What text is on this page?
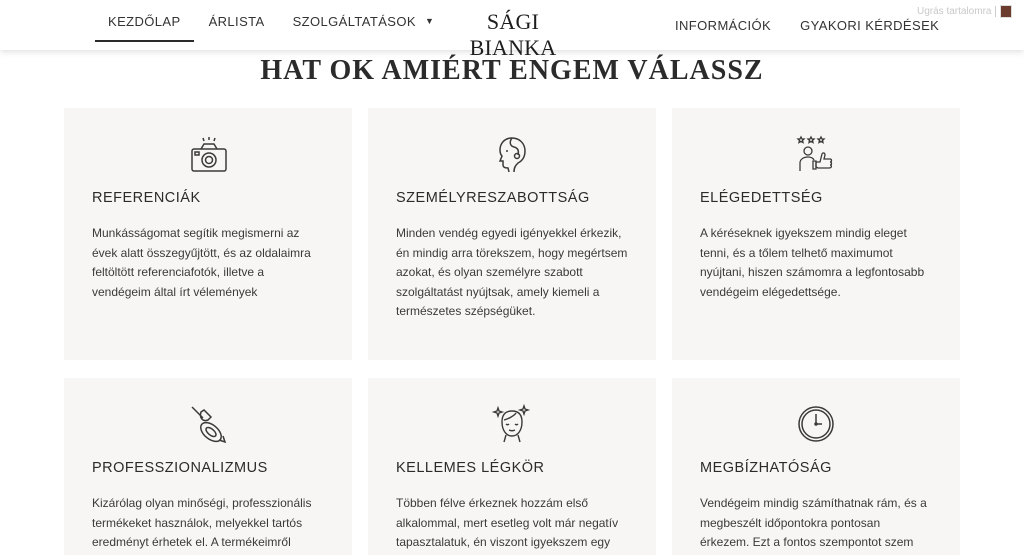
KEZDŐLAP ÁRLISTA SZOLGÁLTATÁSOK ▼	SÁGI BIANKA
INFORMÁCIÓK GYAKORI KÉRDÉSEK
Ugrás tartalomra
HAT OK AMIÉRT ENGEM VÁLASSZ
REFERENCIÁK
Munkásságomat segítik megismerni az
évek alatt összegyűjtött, és az oldalaimra
feltöltött referenciafotók, illetve a
vendégeim által írt vélemények
SZEMÉLYRESZABOTTSÁG
Minden vendég egyedi igényekkel érkezik,
én mindig arra törekszem, hogy megértsem
azokat, és olyan személyre szabott
szolgáltatást nyújtsak, amely kiemeli a
természetes szépségüket.
ELÉGEDETTSÉG
A kéréseknek igyekszem mindig eleget
tenni, és a tőlem telhető maximumot
nyújtani, hiszen számomra a legfontosabb
vendégeim elégedettsége.
PROFESSZIONALIZMUS
Kizárólag olyan minőségi, professzionális
termékeket használok, melyekkel tartós
eredményt érhetek el. A termékeimről
KELLEMES LÉGKÖR
Többen félve érkeznek hozzám első
alkalommal, mert esetleg volt már negatív
tapasztalatuk, én viszont igyekszem egy
MEGBÍZHATÓSÁG
Vendégeim mindig számíthatnak rám, és a
megbeszélt időpontokra pontosan
érkezem. Ezt a fontos szempontot szem
